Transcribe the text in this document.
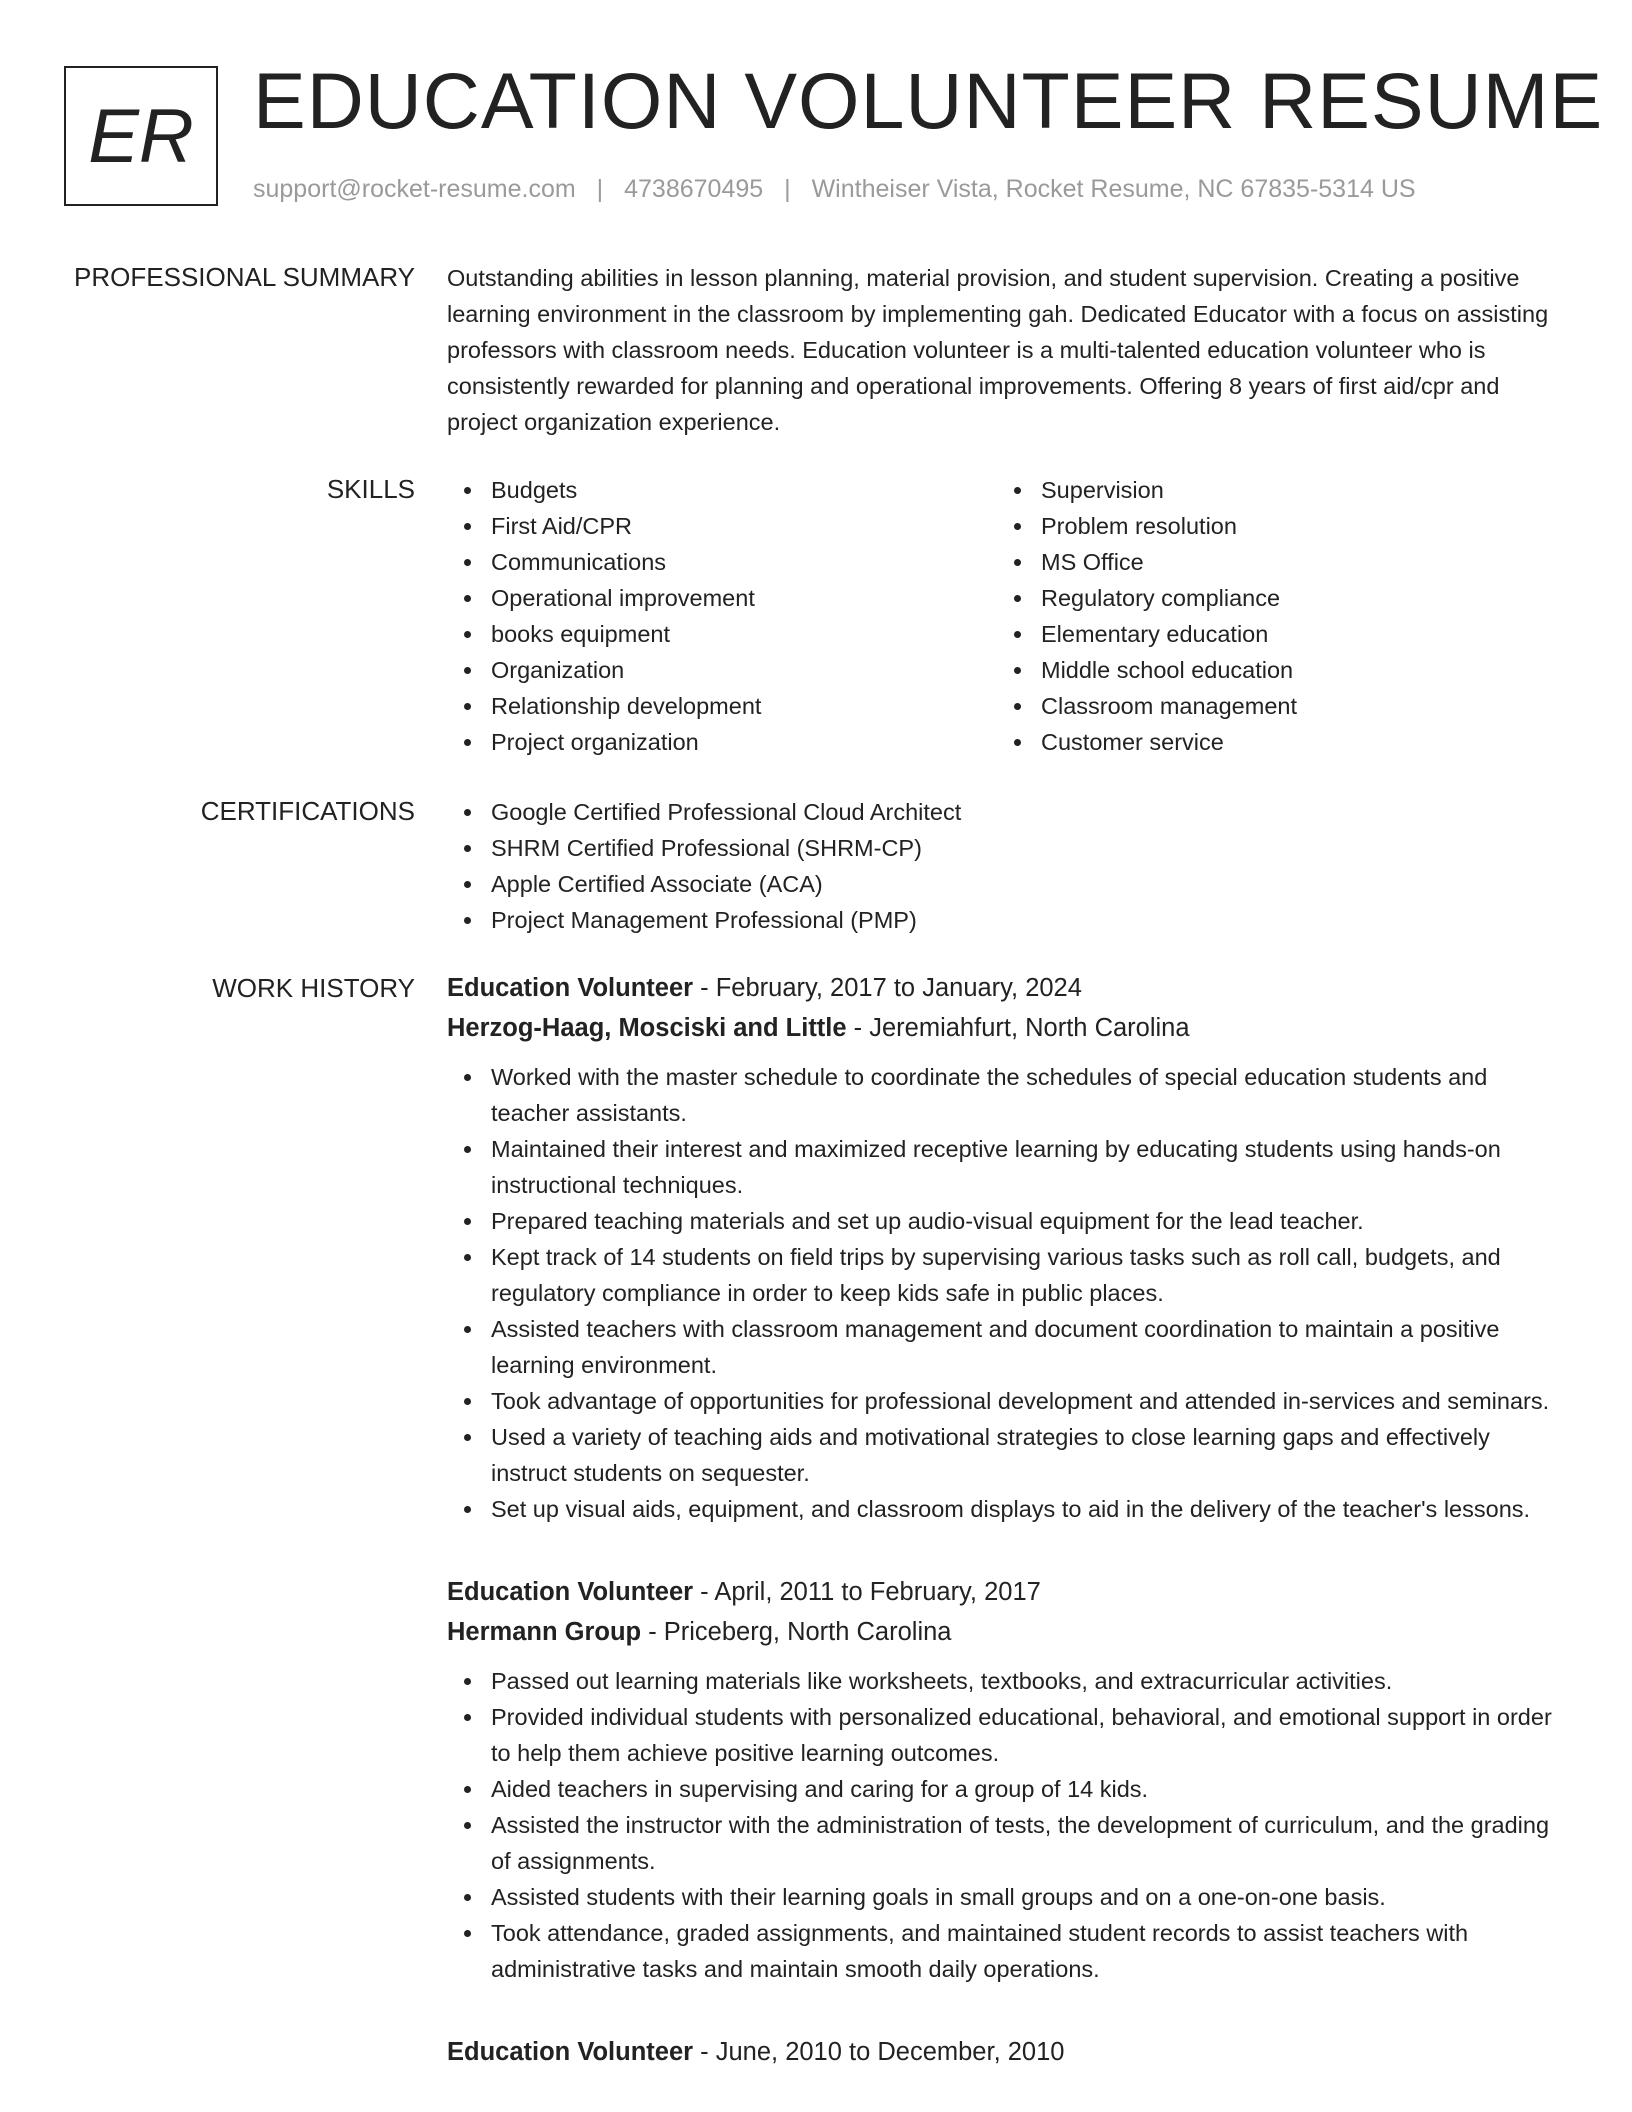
ER EDUCATION VOLUNTEER RESUME
support@rocket-resume.com | 4738670495 | Wintheiser Vista, Rocket Resume, NC 67835-5314 US
PROFESSIONAL SUMMARY Outstanding abilities in lesson planning, material provision, and student supervision. Creating a positive learning environment in the classroom by implementing gah. Dedicated Educator with a focus on assisting professors with classroom needs. Education volunteer is a multi-talented education volunteer who is consistently rewarded for planning and operational improvements. Offering 8 years of first aid/cpr and project organization experience.
SKILLS	Budgets
First Aid/CPR
Communications
Operational improvement
books equipment
Organization
Relationship development
Project organization
Supervision
Problem resolution
MS Office
Regulatory compliance
Elementary education
Middle school education
Classroom management
Customer service
CERTIFICATIONS	Google Certified Professional Cloud Architect
SHRM Certified Professional (SHRM-CP)
Apple Certified Associate (ACA)
Project Management Professional (PMP)
WORK HISTORY Education Volunteer - February, 2017 to January, 2024
Herzog-Haag, Mosciski and Little - Jeremiahfurt, North Carolina
Worked with the master schedule to coordinate the schedules of special education students and teacher assistants.
Maintained their interest and maximized receptive learning by educating students using hands-on instructional techniques.
Prepared teaching materials and set up audio-visual equipment for the lead teacher.
Kept track of 14 students on field trips by supervising various tasks such as roll call, budgets, and regulatory compliance in order to keep kids safe in public places.
Assisted teachers with classroom management and document coordination to maintain a positive learning environment.
Took advantage of opportunities for professional development and attended in-services and seminars.
Used a variety of teaching aids and motivational strategies to close learning gaps and effectively instruct students on sequester.
Set up visual aids, equipment, and classroom displays to aid in the delivery of the teacher's lessons.
Education Volunteer - April, 2011 to February, 2017
Hermann Group - Priceberg, North Carolina
Passed out learning materials like worksheets, textbooks, and extracurricular activities.
Provided individual students with personalized educational, behavioral, and emotional support in order to help them achieve positive learning outcomes.
Aided teachers in supervising and caring for a group of 14 kids.
Assisted the instructor with the administration of tests, the development of curriculum, and the grading of assignments.
Assisted students with their learning goals in small groups and on a one-on-one basis.
Took attendance, graded assignments, and maintained student records to assist teachers with administrative tasks and maintain smooth daily operations.
Education Volunteer - June, 2010 to December, 2010
